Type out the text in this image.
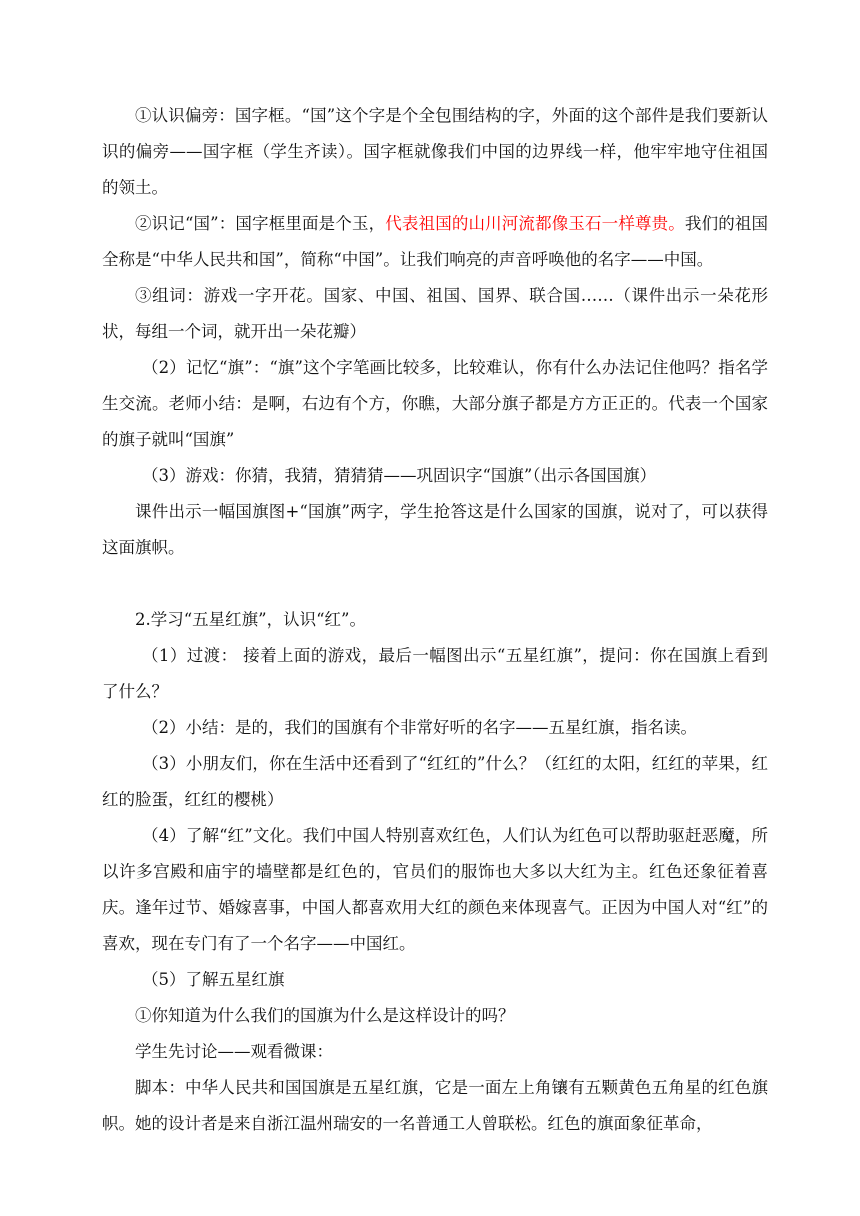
①认识偏旁：国字框。“国”这个字是个全包围结构的字，外面的这个部件是我们要新认识的偏旁——国字框（学生齐读）。国字框就像我们中国的边界线一样，他牢牢地守住祖国的领土。

②识记“国”：国字框里面是个玉，代表祖国的山川河流都像玉石一样尊贵。我们的祖国全称是“中华人民共和国”，简称“中国”。让我们响亮的声音呼唤他的名字——中国。

③组词：游戏一字开花。国家、中国、祖国、国界、联合国……（课件出示一朵花形状，每组一个词，就开出一朵花瓣）

（2）记忆“旗”：“旗”这个字笔画比较多，比较难认，你有什么办法记住他吗？指名学生交流。老师小结：是啊，右边有个方，你瞧，大部分旗子都是方方正正的。代表一个国家的旗子就叫“国旗”

（3）游戏：你猜，我猜，猜猜猜——巩固识字“国旗”（出示各国国旗）

课件出示一幅国旗图+“国旗”两字，学生抢答这是什么国家的国旗，说对了，可以获得这面旗帜。

2.学习“五星红旗”，认识“红”。

（1）过渡： 接着上面的游戏，最后一幅图出示“五星红旗”，提问：你在国旗上看到了什么？

（2）小结：是的，我们的国旗有个非常好听的名字——五星红旗，指名读。

（3）小朋友们，你在生活中还看到了“红红的”什么？（红红的太阳，红红的苹果，红红的脸蛋，红红的樱桃）

（4）了解“红”文化。我们中国人特别喜欢红色，人们认为红色可以帮助驱赶恶魔，所以许多宫殿和庙宇的墙壁都是红色的，官员们的服饰也大多以大红为主。红色还象征着喜庆。逢年过节、婚嫁喜事，中国人都喜欢用大红的颜色来体现喜气。正因为中国人对“红”的喜欢，现在专门有了一个名字——中国红。

（5）了解五星红旗

①你知道为什么我们的国旗为什么是这样设计的吗？

学生先讨论——观看微课：

脚本：中华人民共和国国旗是五星红旗，它是一面左上角镶有五颗黄色五角星的红色旗帜。她的设计者是来自浙江温州瑞安的一名普通工人曾联松。红色的旗面象征革命，
